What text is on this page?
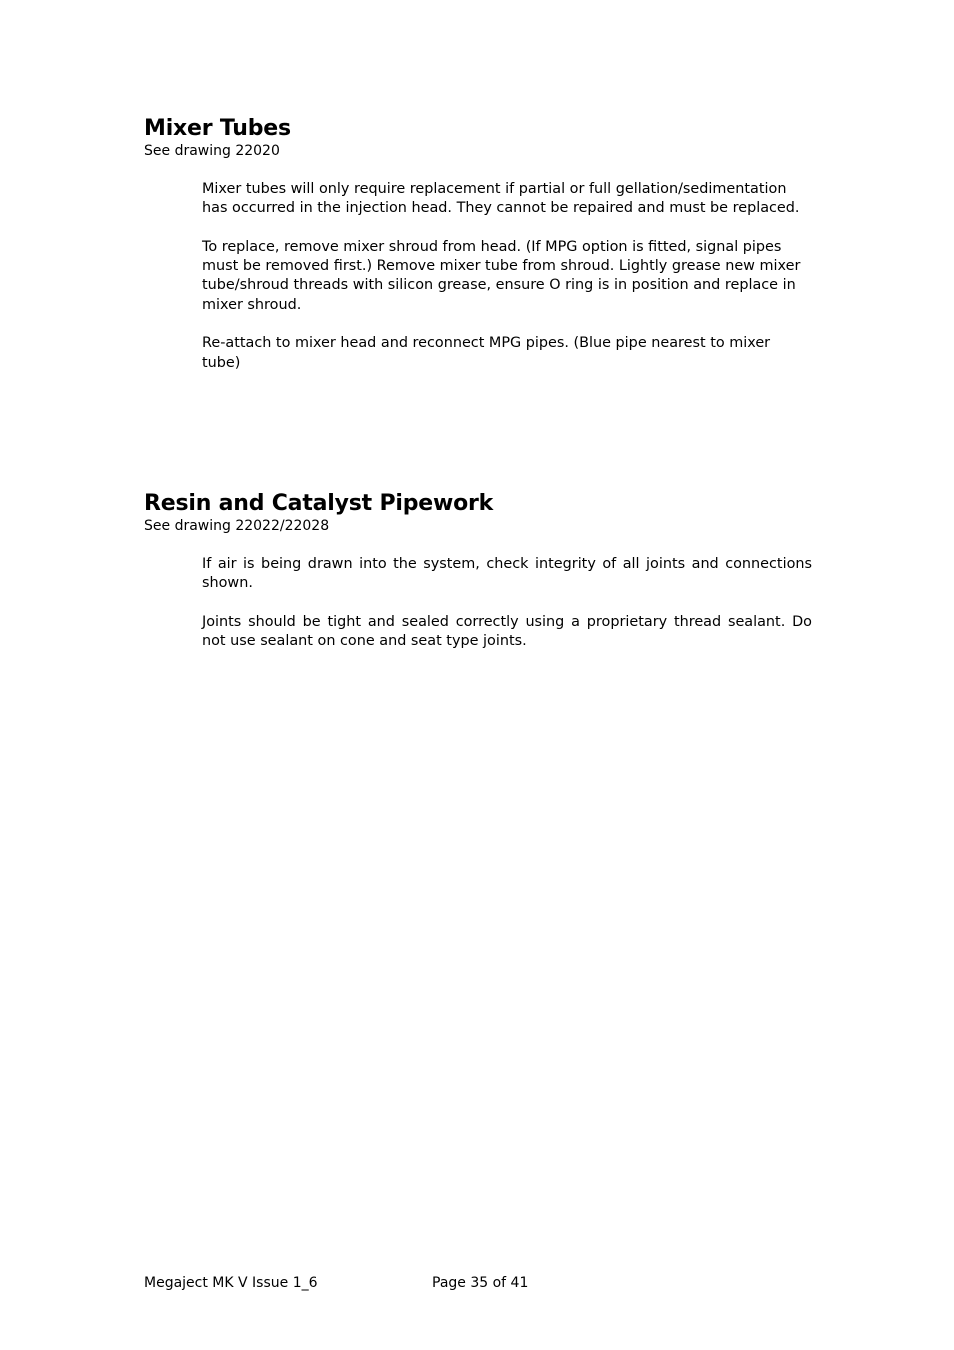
Mixer Tubes
See drawing 22020

Mixer tubes will only require replacement if partial or full gellation/sedimentation has occurred in the injection head. They cannot be repaired and must be replaced.

To replace, remove mixer shroud from head. (If MPG option is fitted, signal pipes must be removed first.) Remove mixer tube from shroud. Lightly grease new mixer tube/shroud threads with silicon grease, ensure O ring is in position and replace in mixer shroud.

Re-attach to mixer head and reconnect MPG pipes. (Blue pipe nearest to mixer tube)

Resin and Catalyst Pipework
See drawing 22022/22028

If air is being drawn into the system, check integrity of all joints and connections shown.

Joints should be tight and sealed correctly using a proprietary thread sealant. Do not use sealant on cone and seat type joints.

Megaject MK V Issue 1_6	Page 35 of 41
